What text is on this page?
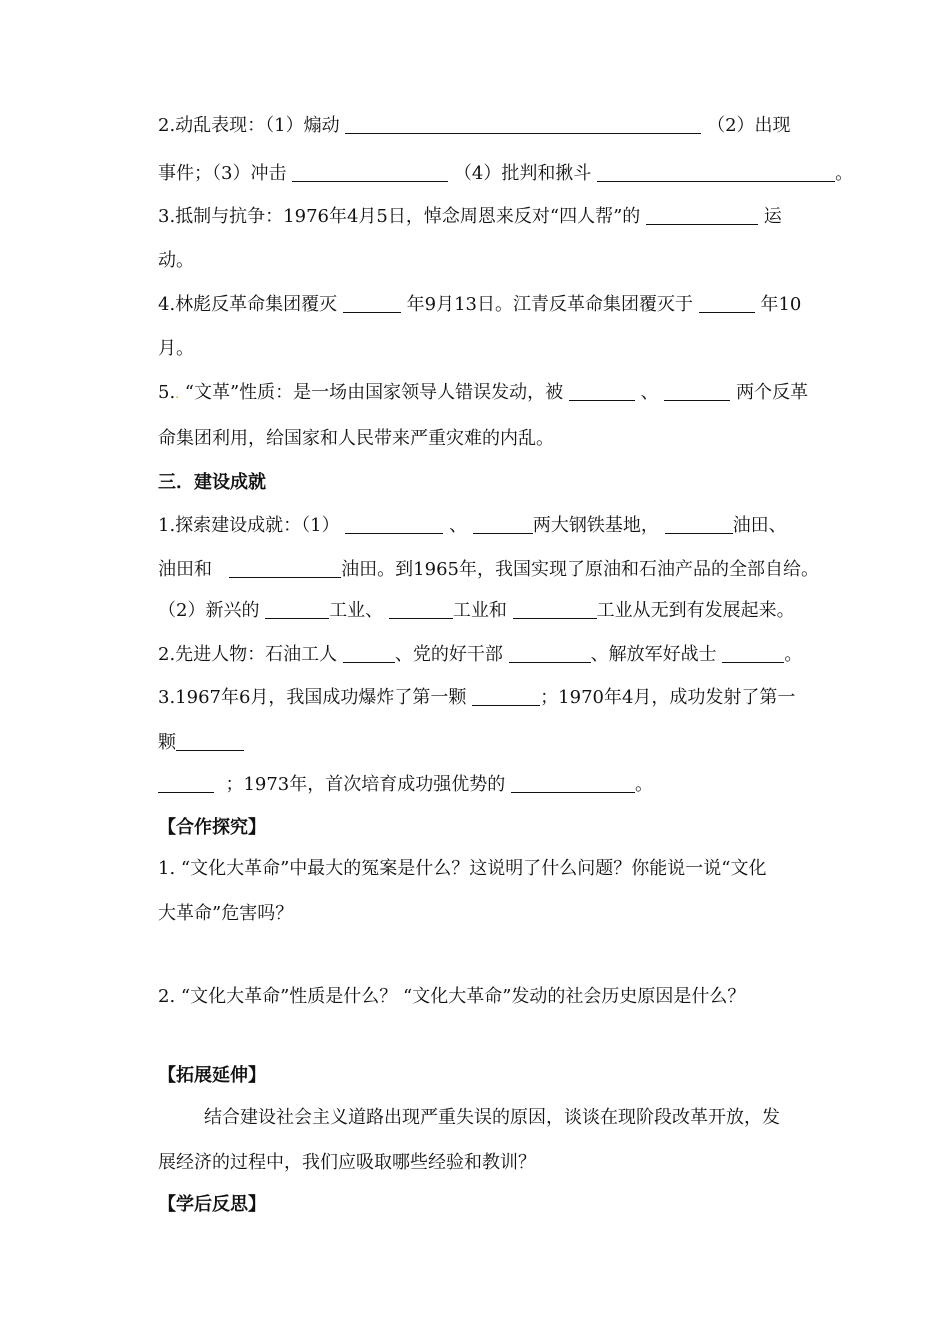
2.动乱表现：（1）煽动	（2）出现
事件；（3）冲击	（4）批判和揪斗	。
3.抵制与抗争：1976年4月5日，悼念周恩来反对“四人帮”的	运
动。
4.林彪反革命集团覆灭	年9月13日。江青反革命集团覆灭于	年10
月。
5.. “文革”性质：是一场由国家领导人错误发动，被	、	两个反革
命集团利用，给国家和人民带来严重灾难的内乱。
三．建设成就
1.探索建设成就：（1）	、	两大钢铁基地，	油田、
油田和	油田。到1965年，我国实现了原油和石油产品的全部自给。
（2）新兴的	工业、	工业和	工业从无到有发展起来。
2.先进人物：石油工人	、党的好干部	、解放军好战士	。
3.1967年6月，我国成功爆炸了第一颗	；1970年4月，成功发射了第一
颗
；1973年，首次培育成功强优势的	。
【合作探究】
1. “文化大革命”中最大的冤案是什么？这说明了什么问题？你能说一说“文化
大革命”危害吗？
2. “文化大革命”性质是什么？ “文化大革命”发动的社会历史原因是什么？
【拓展延伸】
结合建设社会主义道路出现严重失误的原因，谈谈在现阶段改革开放，发
展经济的过程中，我们应吸取哪些经验和教训？
【学后反思】
